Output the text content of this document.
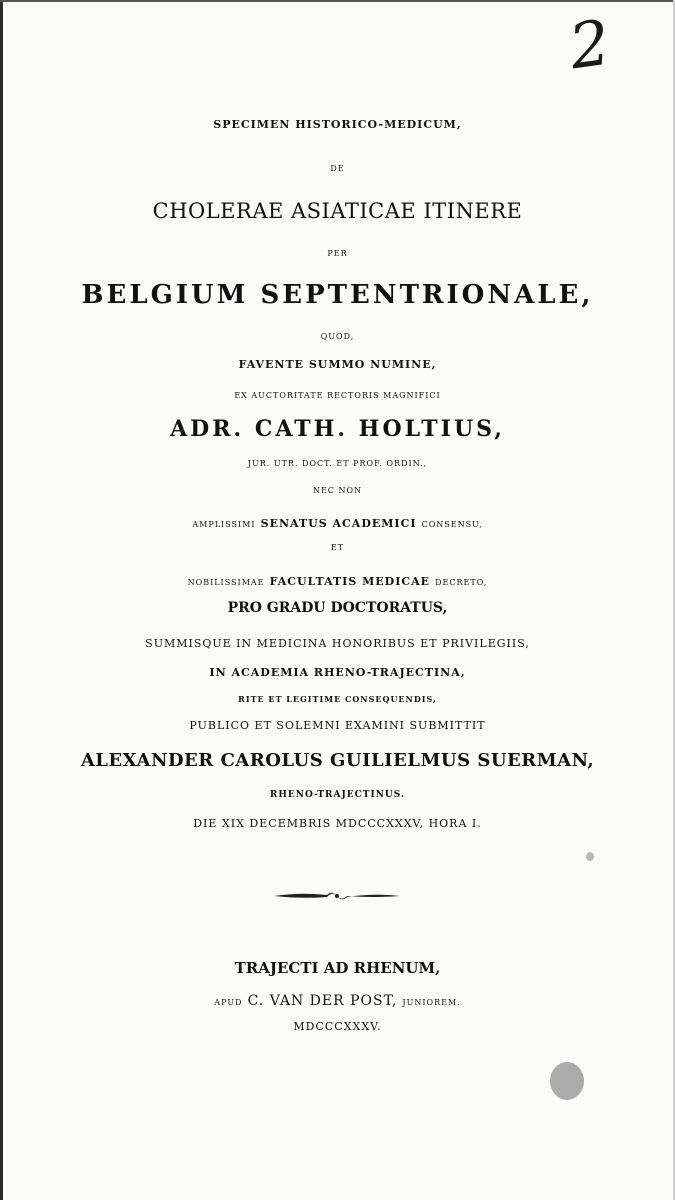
2
SPECIMEN HISTORICO-MEDICUM,
DE
CHOLERAE ASIATICAE ITINERE
PER
BELGIUM SEPTENTRIONALE,
QUOD,
FAVENTE SUMMO NUMINE,
EX AUCTORITATE RECTORIS MAGNIFICI
ADR. CATH. HOLTIUS,
JUR. UTR. DOCT. ET PROF. ORDIN.,
NEC NON
AMPLISSIMI SENATUS ACADEMICI CONSENSU,
ET
NOBILISSIMAE FACULTATIS MEDICAE DECRETO,
PRO GRADU DOCTORATUS,
SUMMISQUE IN MEDICINA HONORIBUS ET PRIVILEGIIS,
IN ACADEMIA RHENO-TRAJECTINA,
RITE ET LEGITIME CONSEQUENDIS,
PUBLICO ET SOLEMNI EXAMINI SUBMITTIT
ALEXANDER CAROLUS GUILIELMUS SUERMAN,
RHENO-TRAJECTINUS.
DIE XIX DECEMBRIS MDCCCXXXV, HORA I.
TRAJECTI AD RHENUM,
APUD C. VAN DER POST, JUNIOREM.
MDCCCXXXV.
